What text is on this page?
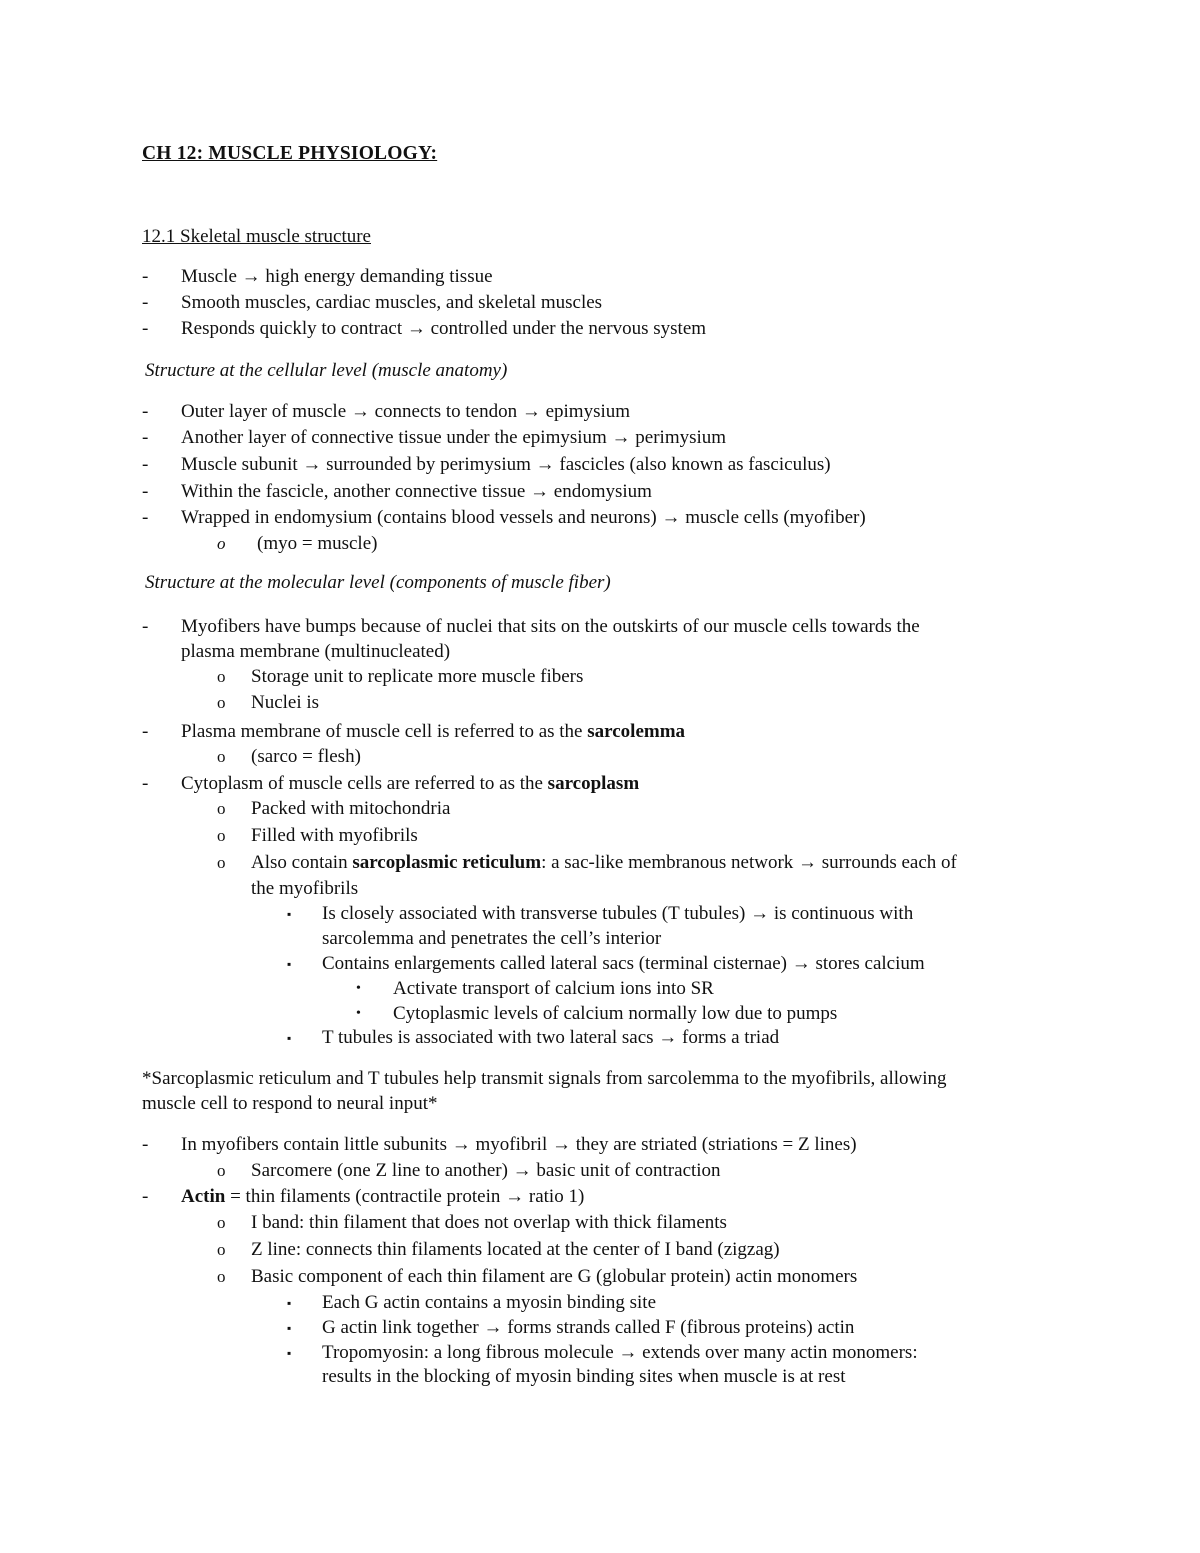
CH 12: MUSCLE PHYSIOLOGY:
12.1 Skeletal muscle structure
-	Muscle → high energy demanding tissue
-	Smooth muscles, cardiac muscles, and skeletal muscles
-	Responds quickly to contract → controlled under the nervous system
Structure at the cellular level (muscle anatomy)
-	Outer layer of muscle → connects to tendon → epimysium
-	Another layer of connective tissue under the epimysium → perimysium
-	Muscle subunit → surrounded by perimysium → fascicles (also known as fasciculus)
-	Within the fascicle, another connective tissue → endomysium
-	Wrapped in endomysium (contains blood vessels and neurons) → muscle cells (myofiber)
o (myo = muscle)
Structure at the molecular level (components of muscle fiber)
-	Myofibers have bumps because of nuclei that sits on the outskirts of our muscle cells towards the
plasma membrane (multinucleated)
o Storage unit to replicate more muscle fibers
o Nuclei is
-	Plasma membrane of muscle cell is referred to as the sarcolemma
o (sarco = flesh)
-	Cytoplasm of muscle cells are referred to as the sarcoplasm
o Packed with mitochondria
o Filled with myofibrils
o Also contain sarcoplasmic reticulum: a sac-like membranous network → surrounds each of
the myofibrils
▪ Is closely associated with transverse tubules (T tubules) → is continuous with
sarcolemma and penetrates the cell’s interior
▪ Contains enlargements called lateral sacs (terminal cisternae) → stores calcium
• Activate transport of calcium ions into SR
• Cytoplasmic levels of calcium normally low due to pumps
▪ T tubules is associated with two lateral sacs → forms a triad
*Sarcoplasmic reticulum and T tubules help transmit signals from sarcolemma to the myofibrils, allowing
muscle cell to respond to neural input*
-	In myofibers contain little subunits → myofibril → they are striated (striations = Z lines)
o Sarcomere (one Z line to another) → basic unit of contraction
-	Actin = thin filaments (contractile protein → ratio 1)
o I band: thin filament that does not overlap with thick filaments
o Z line: connects thin filaments located at the center of I band (zigzag)
o Basic component of each thin filament are G (globular protein) actin monomers
▪ Each G actin contains a myosin binding site
▪ G actin link together → forms strands called F (fibrous proteins) actin
▪ Tropomyosin: a long fibrous molecule → extends over many actin monomers:
results in the blocking of myosin binding sites when muscle is at rest
